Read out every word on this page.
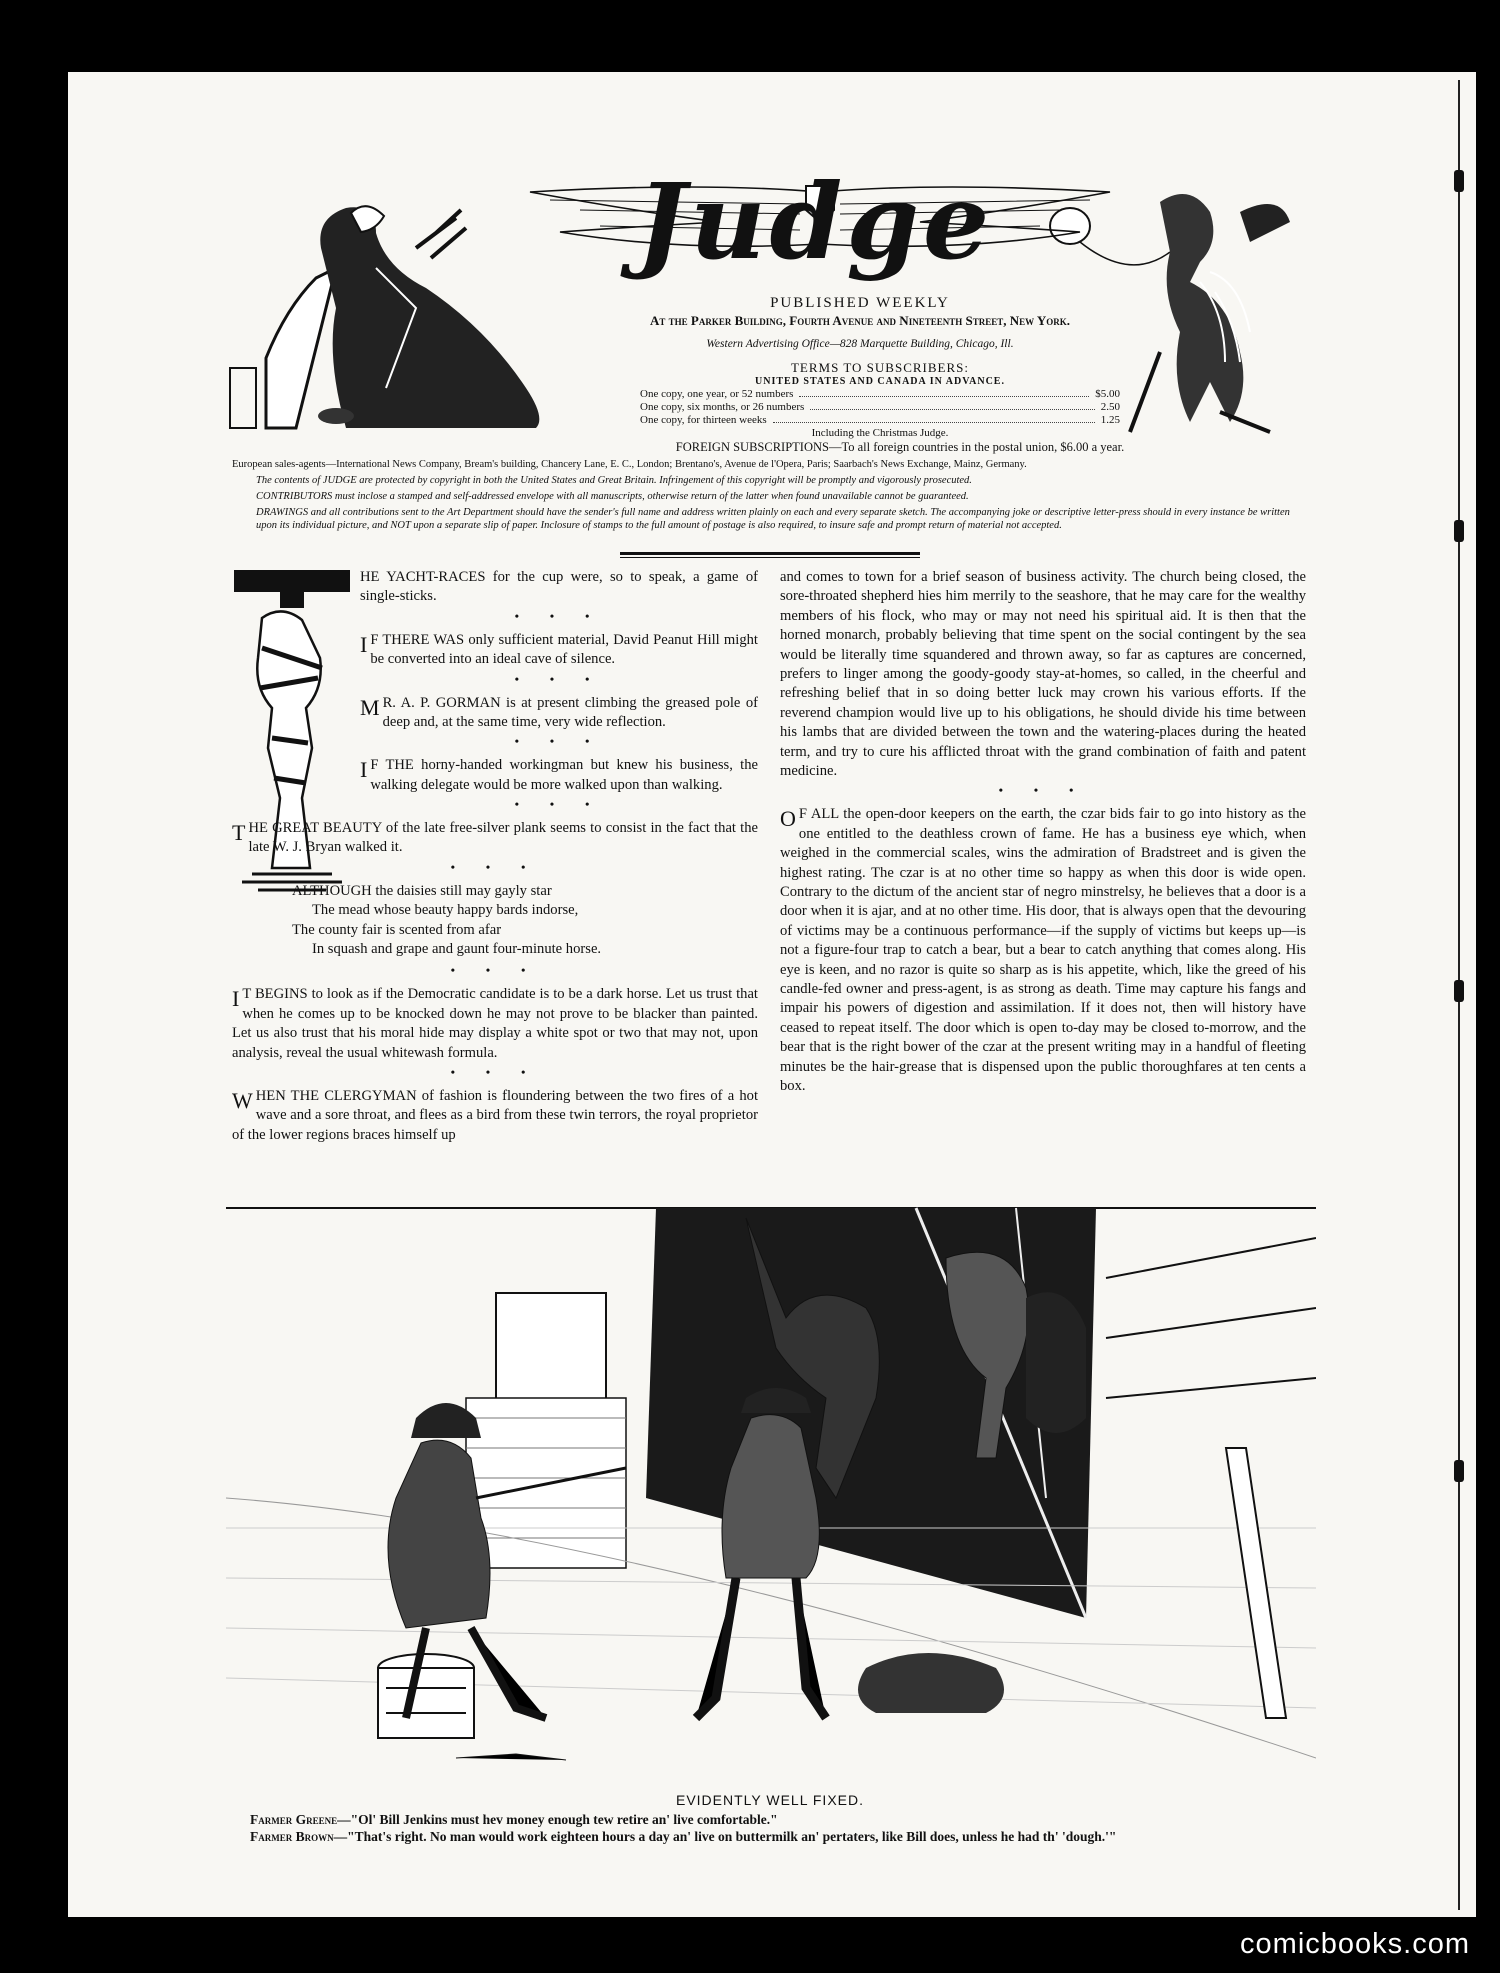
Judge
PUBLISHED WEEKLY
At the Parker Building, Fourth Avenue and Nineteenth Street, New York.
Western Advertising Office—828 Marquette Building, Chicago, Ill.
TERMS TO SUBSCRIBERS:
UNITED STATES AND CANADA IN ADVANCE.
One copy, one year, or 52 numbers	$5.00
One copy, six months, or 26 numbers	2.50
One copy, for thirteen weeks	1.25
Including the Christmas Judge.
FOREIGN SUBSCRIPTIONS—To all foreign countries in the postal union, $6.00 a year.
European sales-agents—International News Company, Bream's building, Chancery Lane, E. C., London; Brentano's, Avenue de l'Opera, Paris; Saarbach's News Exchange, Mainz, Germany.
The contents of JUDGE are protected by copyright in both the United States and Great Britain. Infringement of this copyright will be promptly and vigorously prosecuted.
CONTRIBUTORS must inclose a stamped and self-addressed envelope with all manuscripts, otherwise return of the latter when found unavailable cannot be guaranteed.
DRAWINGS and all contributions sent to the Art Department should have the sender's full name and address written plainly on each and every separate sketch. The accompanying joke or descriptive letter-press should in every instance be written upon its individual picture, and NOT upon a separate slip of paper. Inclosure of stamps to the full amount of postage is also required, to insure safe and prompt return of material not accepted.

HE YACHT-RACES for the cup were, so to speak, a game of single-sticks.

• • •

I F THERE WAS only sufficient material, David Peanut Hill might be converted into an ideal cave of silence.

• • •

M R. A. P. GORMAN is at present climbing the greased pole of deep and, at the same time, very wide reflection.

• • •

I F THE horny-handed workingman but knew his business, the walking delegate would be more walked upon than walking.

• • •

THE GREAT BEAUTY of the late free-silver plank seems to consist in the fact that the late W. J. Bryan walked it.

• • •
ALTHOUGH the daisies still may gayly star
The mead whose beauty happy bards indorse,
The county fair is scented from afar
In squash and grape and gaunt four-minute horse.
• • •

I T BEGINS to look as if the Democratic candidate is to be a dark horse. Let us trust that when he comes up to be knocked down he may not prove to be blacker than painted. Let us also trust that his moral hide may display a white spot or two that may not, upon analysis, reveal the usual whitewash formula.

• • •

WHEN THE CLERGYMAN of fashion is floundering between the two fires of a hot wave and a sore throat, and flees as a bird from these twin terrors, the royal proprietor of the lower regions braces himself up

and comes to town for a brief season of business activity. The church being closed, the sore-throated shepherd hies him merrily to the seashore, that he may care for the wealthy members of his flock, who may or may not need his spiritual aid. It is then that the horned monarch, probably believing that time spent on the social contingent by the sea would be literally time squandered and thrown away, so far as captures are concerned, prefers to linger among the goody-goody stay-at-homes, so called, in the cheerful and refreshing belief that in so doing better luck may crown his various efforts. If the reverend champion would live up to his obligations, he should divide his time between his lambs that are divided between the town and the watering-places during the heated term, and try to cure his afflicted throat with the grand combination of faith and patent medicine.

• • •

O F ALL the open-door keepers on the earth, the czar bids fair to go into history as the one entitled to the deathless crown of fame. He has a business eye which, when weighed in the commercial scales, wins the admiration of Bradstreet and is given the highest rating. The czar is at no other time so happy as when this door is wide open. Contrary to the dictum of the ancient star of negro minstrelsy, he believes that a door is a door when it is ajar, and at no other time. His door, that is always open that the devouring of victims may be a continuous performance—if the supply of victims but keeps up—is not a figure-four trap to catch a bear, but a bear to catch anything that comes along. His eye is keen, and no razor is quite so sharp as is his appetite, which, like the greed of his candle-fed owner and press-agent, is as strong as death. Time may capture his fangs and impair his powers of digestion and assimilation. If it does not, then will history have ceased to repeat itself. The door which is open to-day may be closed to-morrow, and the bear that is the right bower of the czar at the present writing may in a handful of fleeting minutes be the hair-grease that is dispensed upon the public thoroughfares at ten cents a box.

EVIDENTLY WELL FIXED.
Farmer Greene—"Ol' Bill Jenkins must hev money enough tew retire an' live comfortable."
Farmer Brown—"That's right. No man would work eighteen hours a day an' live on buttermilk an' pertaters, like Bill does, unless he had th' 'dough.'"
comicbooks.com
